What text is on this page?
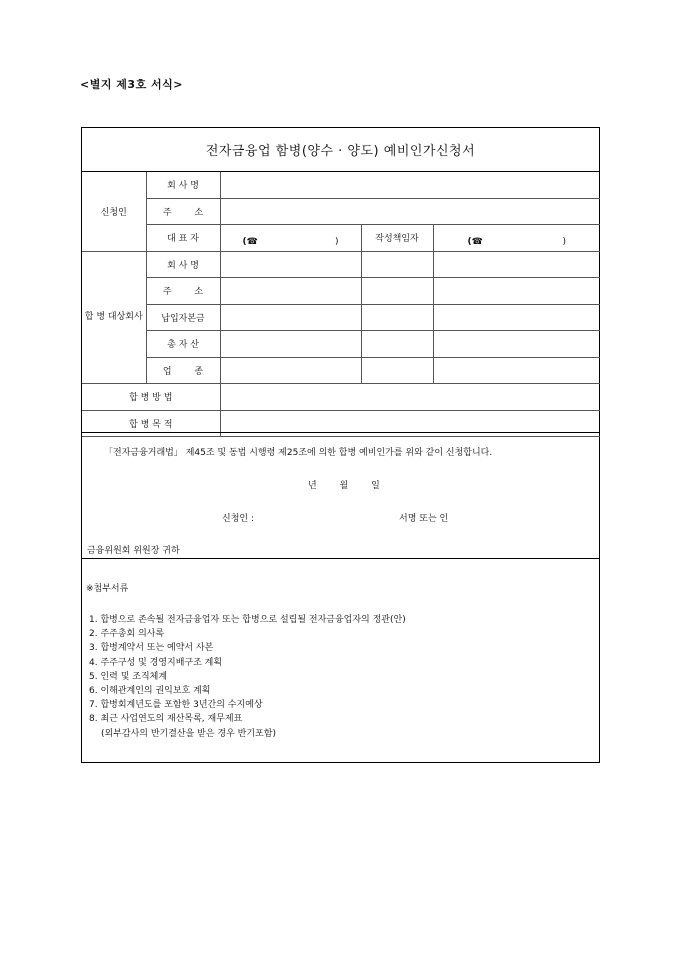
<별지 제3호 서식>
전자금융업 함병(양수 · 양도) 예비인가신청서
신청인	회 사 명			
	주 소			
	대 표 자	(☎ )	작성책임자	(☎ )

합 병 대상회사	회 사 명			
	주 소			
	납입자본금			
	총 자 산			
	업 종			
합 병 방 법				
합 병 목 적				
「전자금융거래법」 제45조 및 동법 시행령 제25조에 의한 합병 예비인가를 위와 같이 신청합니다.
년 월 일
신청인 :	서명 또는 인
금융위원회 위원장 귀하
※첨부서류
1. 합병으로 존속될 전자금융업자 또는 합병으로 설립될 전자금융업자의 정관(안)
2. 주주총회 의사록
3. 합병계약서 또는 예약서 사본
4. 주주구성 및 경영지배구조 계획
5. 인력 및 조직체계
6. 이해관계인의 권익보호 계획
7. 합병회계년도를 포함한 3년간의 수지예상
8. 최근 사업연도의 재산목록, 재무제표
(외부감사의 반기결산을 받은 경우 반기포함)
